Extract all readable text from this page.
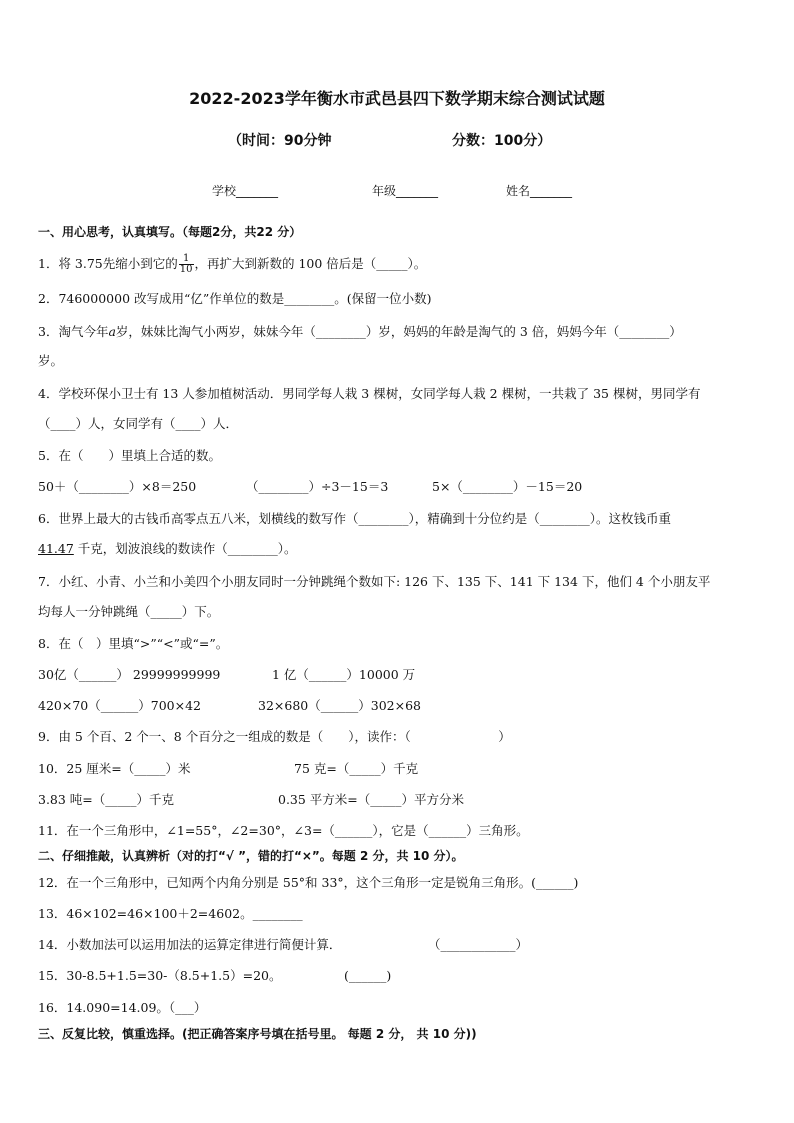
2022-2023学年衡水市武邑县四下数学期末综合测试试题
（时间：90分钟	分数：100分）
学校_______	年级_______	姓名_______
一、用心思考，认真填写。（每题2分，共22 分）
1．将 3.75先缩小到它的 $\frac{1}{10}$ ，再扩大到新数的 100 倍后是（_____）。
2．746000000 改写成用“亿”作单位的数是________。(保留一位小数)
3．淘气今年a岁，妹妹比淘气小两岁，妹妹今年（________）岁，妈妈的年龄是淘气的 3 倍，妈妈今年（________）
岁。
4．学校环保小卫士有 13 人参加植树活动．男同学每人栽 3 棵树，女同学每人栽 2 棵树，一共栽了 35 棵树，男同学有
（____）人，女同学有（____）人．
5．在（　　）里填上合适的数。
50＋（________）×8＝250	（________）÷3－15＝3	5×（________）－15＝20
6．世界上最大的古钱币高零点五八米，划横线的数写作（________），精确到十分位约是（________）。这枚钱币重
41.47 千克，划波浪线的数读作（________）。
7．小红、小青、小兰和小美四个小朋友同时一分钟跳绳个数如下: 126 下、135 下、141 下 134 下，他们 4 个小朋友平
均每人一分钟跳绳（_____）下。
8．在（　）里填“>”“<”或“=”。
30亿（______） 29999999999	1 亿（______）10000 万
420×70（______）700×42	32×680（______）302×68
9．由 5 个百、2 个一、8 个百分之一组成的数是（　　），读作：（　　　　　　　）
10．25 厘米=（_____）米	75 克=（_____）千克
3.83 吨=（_____）千克	0.35 平方米=（_____）平方分米
11．在一个三角形中，∠1=55°，∠2=30°，∠3=（______），它是（______）三角形。
二、仔细推敲，认真辨析（对的打“√ ”，错的打“×”。每题 2 分，共 10 分）。
12．在一个三角形中，已知两个内角分别是 55°和 33°，这个三角形一定是锐角三角形。(______)
13．46×102=46×100＋2=4602。________
14．小数加法可以运用加法的运算定律进行简便计算．	（____________）
15．30-8.5+1.5=30-（8.5+1.5）=20。	(______)
16．14.090=14.09。（___）
三、反复比较，慎重选择。(把正确答案序号填在括号里。 每题 2 分， 共 10 分))
